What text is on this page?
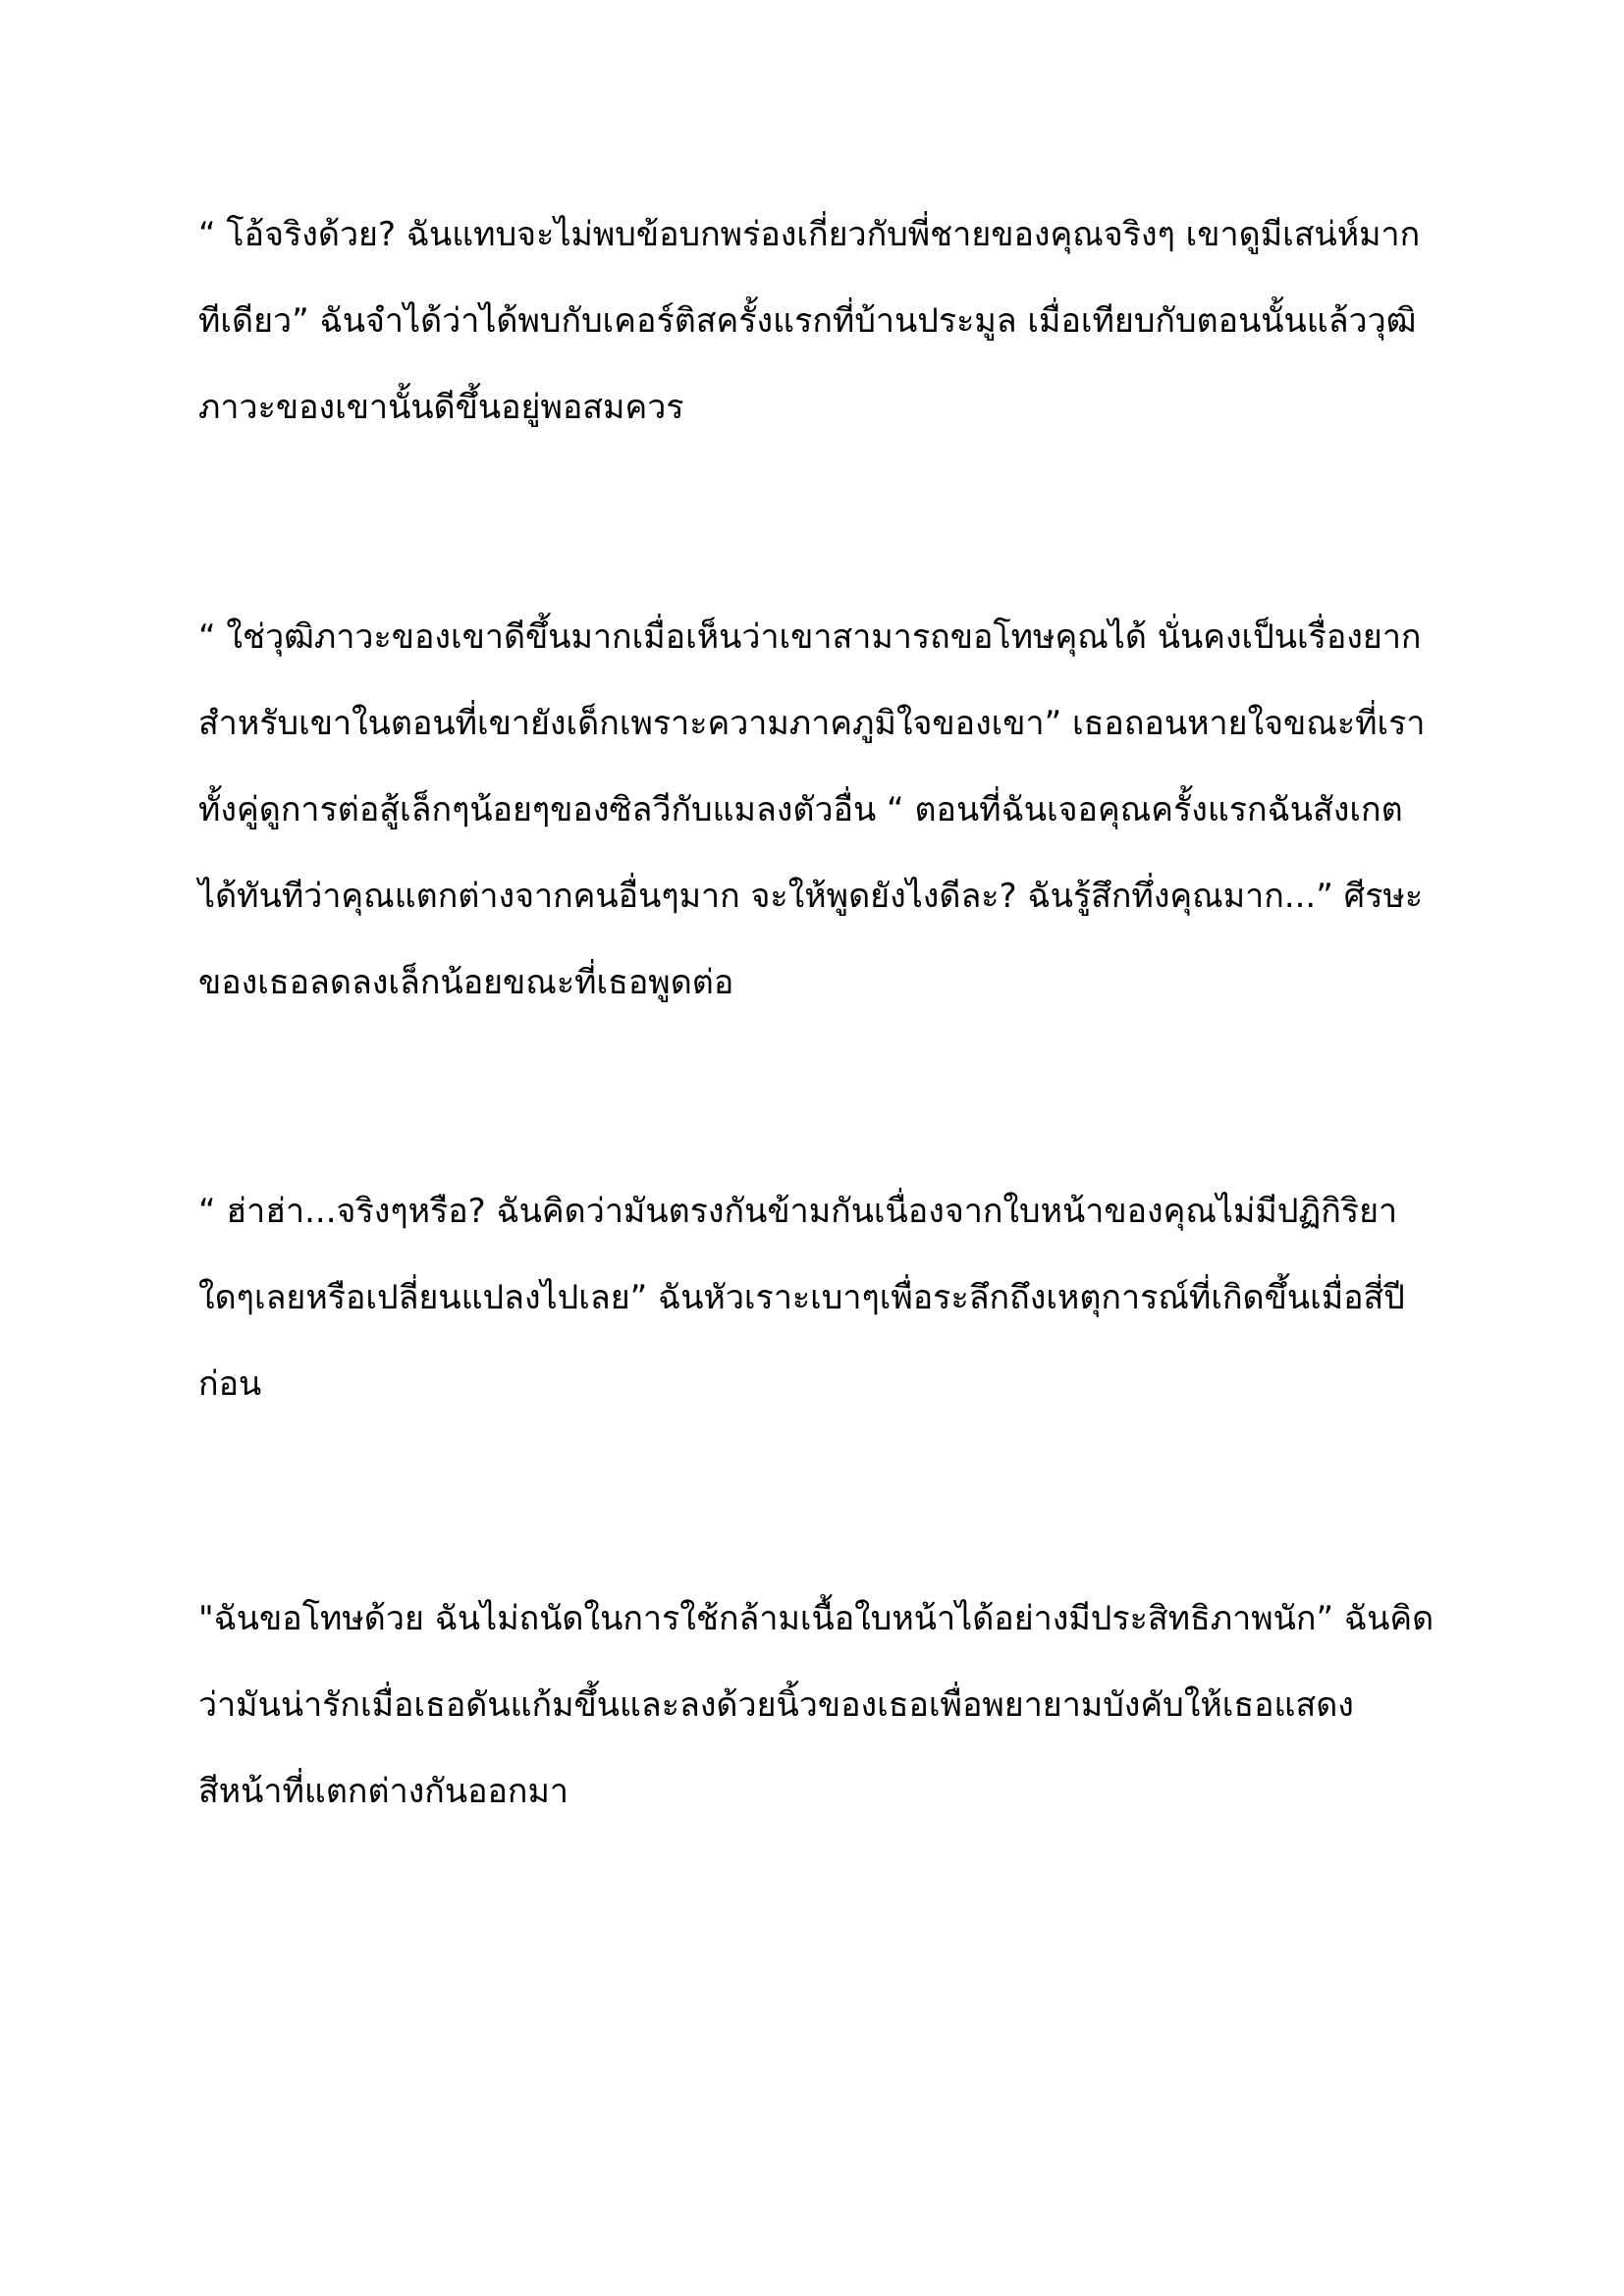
“ โอ้จริงด้วย? ฉันแทบจะไม่พบข้อบกพร่องเกี่ยวกับพี่ชายของคุณจริงๆ เขาดูมีเสน่ห์มากทีเดียว” ฉันจำได้ว่าได้พบกับเคอร์ติสครั้งแรกที่บ้านประมูล เมื่อเทียบกับตอนนั้นแล้ววุฒิภาวะของเขานั้นดีขึ้นอยู่พอสมควร

“ ใช่วุฒิภาวะของเขาดีขึ้นมากเมื่อเห็นว่าเขาสามารถขอโทษคุณได้ นั่นคงเป็นเรื่องยากสำหรับเขาในตอนที่เขายังเด็กเพราะความภาคภูมิใจของเขา” เธอถอนหายใจขณะที่เราทั้งคู่ดูการต่อสู้เล็กๆน้อยๆของซิลวีกับแมลงตัวอื่น “ ตอนที่ฉันเจอคุณครั้งแรกฉันสังเกตได้ทันทีว่าคุณแตกต่างจากคนอื่นๆมาก จะให้พูดยังไงดีละ? ฉันรู้สึกทึ่งคุณมาก...” ศีรษะของเธอลดลงเล็กน้อยขณะที่เธอพูดต่อ

“ ฮ่าฮ่า...จริงๆหรือ? ฉันคิดว่ามันตรงกันข้ามกันเนื่องจากใบหน้าของคุณไม่มีปฏิกิริยาใดๆเลยหรือเปลี่ยนแปลงไปเลย” ฉันหัวเราะเบาๆเพื่อระลึกถึงเหตุการณ์ที่เกิดขึ้นเมื่อสี่ปีก่อน

"ฉันขอโทษด้วย ฉันไม่ถนัดในการใช้กล้ามเนื้อใบหน้าได้อย่างมีประสิทธิภาพนัก” ฉันคิดว่ามันน่ารักเมื่อเธอดันแก้มขึ้นและลงด้วยนิ้วของเธอเพื่อพยายามบังคับให้เธอแสดงสีหน้าที่แตกต่างกันออกมา
